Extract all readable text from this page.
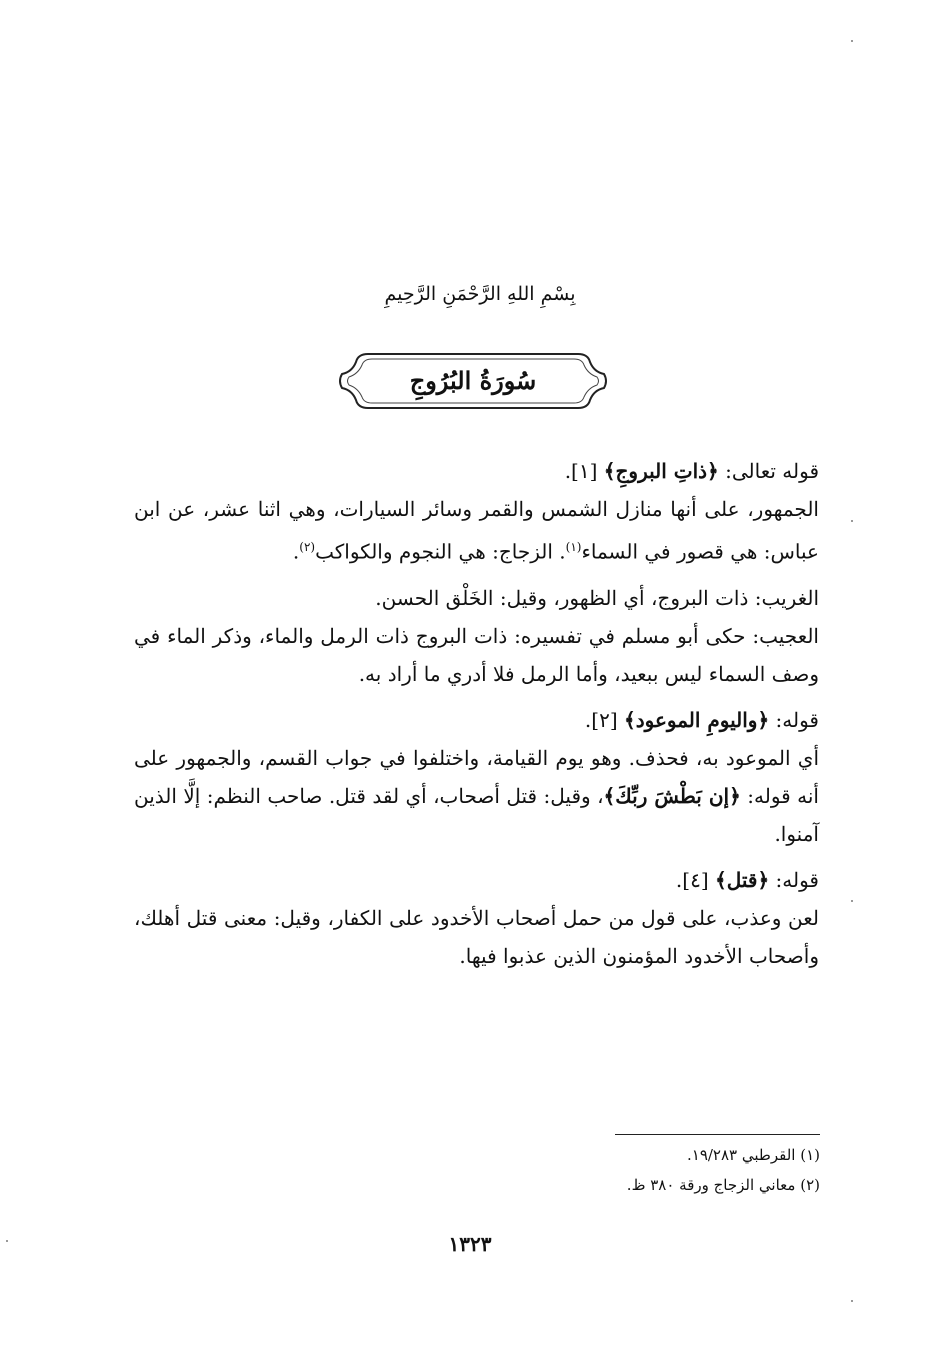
بِسْمِ اللهِ الرَّحْمَنِ الرَّحِيمِ
سُورَةُ البُرُوجِ

قوله تعالى: ﴿ذاتِ البروجِ﴾ [١].

الجمهور، على أنها منازل الشمس والقمر وسائر السيارات، وهي اثنا عشر، عن ابن عباس: هي قصور في السماء$^{(١)}$. الزجاج: هي النجوم والكواكب$^{(٢)}$.

الغريب: ذات البروج، أي الظهور، وقيل: الخَلْق الحسن.

العجيب: حكى أبو مسلم في تفسيره: ذات البروج ذات الرمل والماء، وذكر الماء في وصف السماء ليس ببعيد، وأما الرمل فلا أدري ما أراد به.

قوله: ﴿واليومِ الموعود﴾ [٢].

أي الموعود به، فحذف. وهو يوم القيامة، واختلفوا في جواب القسم، والجمهور على أنه قوله: ﴿إن بَطْشَ ربِّكَ﴾، وقيل: قتل أصحاب، أي لقد قتل. صاحب النظم: إلَّا الذين آمنوا.

قوله: ﴿قتل﴾ [٤].

لعن وعذب، على قول من حمل أصحاب الأخدود على الكفار، وقيل: معنى قتل أهلك، وأصحاب الأخدود المؤمنون الذين عذبوا فيها.

(١) القرطبي ١٩/٢٨٣.
(٢) معاني الزجاج ورقة ٣٨٠ ظ.
١٣٢٣
